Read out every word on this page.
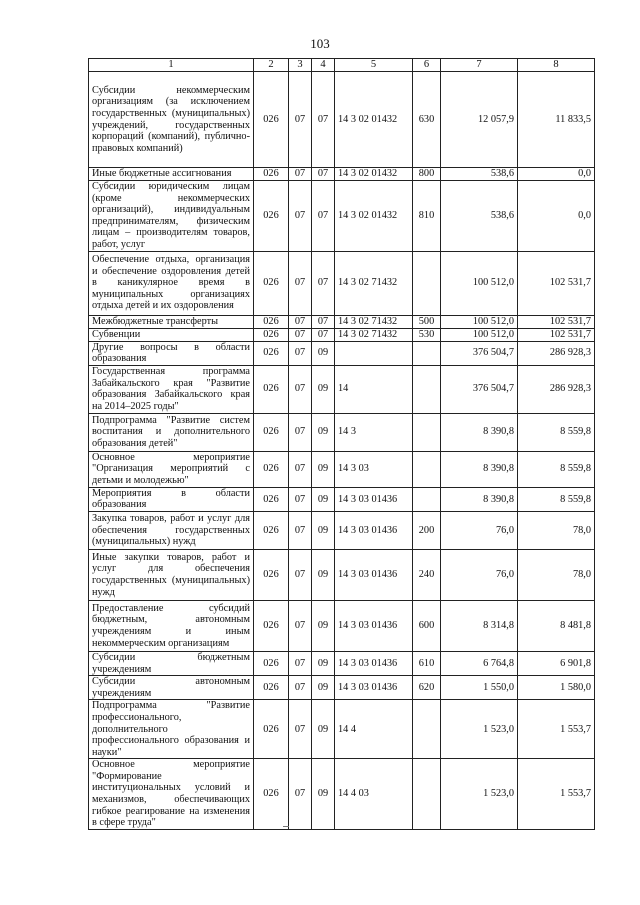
103
1	2	3	4	5	6	7	8
Субсидии некоммерческим организациям (за исключением государственных (муниципальных) учреждений, государственных корпораций (компаний), публично-правовых компаний)	026	07	07	14 3 02 01432	630	12 057,9	11 833,5
Иные бюджетные ассигнования	026	07	07	14 3 02 01432	800	538,6	0,0
Субсидии юридическим лицам (кроме некоммерческих организаций), индивидуальным предпринимателям, физическим лицам – производителям товаров, работ, услуг	026	07	07	14 3 02 01432	810	538,6	0,0
Обеспечение отдыха, организация и обеспечение оздоровления детей в каникулярное время в муниципальных организациях отдыха детей и их оздоровления	026	07	07	14 3 02 71432		100 512,0	102 531,7
Межбюджетные трансферты	026	07	07	14 3 02 71432	500	100 512,0	102 531,7
Субвенции	026	07	07	14 3 02 71432	530	100 512,0	102 531,7
Другие вопросы в области образования	026	07	09			376 504,7	286 928,3
Государственная программа Забайкальского края "Развитие образования Забайкальского края на 2014–2025 годы"	026	07	09	14		376 504,7	286 928,3
Подпрограмма "Развитие систем воспитания и дополнительного образования детей"	026	07	09	14 3		8 390,8	8 559,8
Основное мероприятие "Организация мероприятий с детьми и молодежью"	026	07	09	14 3 03		8 390,8	8 559,8
Мероприятия в области образования	026	07	09	14 3 03 01436		8 390,8	8 559,8
Закупка товаров, работ и услуг для обеспечения государственных (муниципальных) нужд	026	07	09	14 3 03 01436	200	76,0	78,0
Иные закупки товаров, работ и услуг для обеспечения государственных (муниципальных) нужд	026	07	09	14 3 03 01436	240	76,0	78,0
Предоставление субсидий бюджетным, автономным учреждениям и иным некоммерческим организациям	026	07	09	14 3 03 01436	600	8 314,8	8 481,8
Субсидии бюджетным учреждениям	026	07	09	14 3 03 01436	610	6 764,8	6 901,8
Субсидии автономным учреждениям	026	07	09	14 3 03 01436	620	1 550,0	1 580,0
Подпрограмма "Развитие профессионального, дополнительного профессионального образования и науки"	026	07	09	14 4		1 523,0	1 553,7
Основное мероприятие "Формирование институциональных условий и механизмов, обеспечивающих гибкое реагирование на изменения в сфере труда"	026	07	09	14 4 03		1 523,0	1 553,7
